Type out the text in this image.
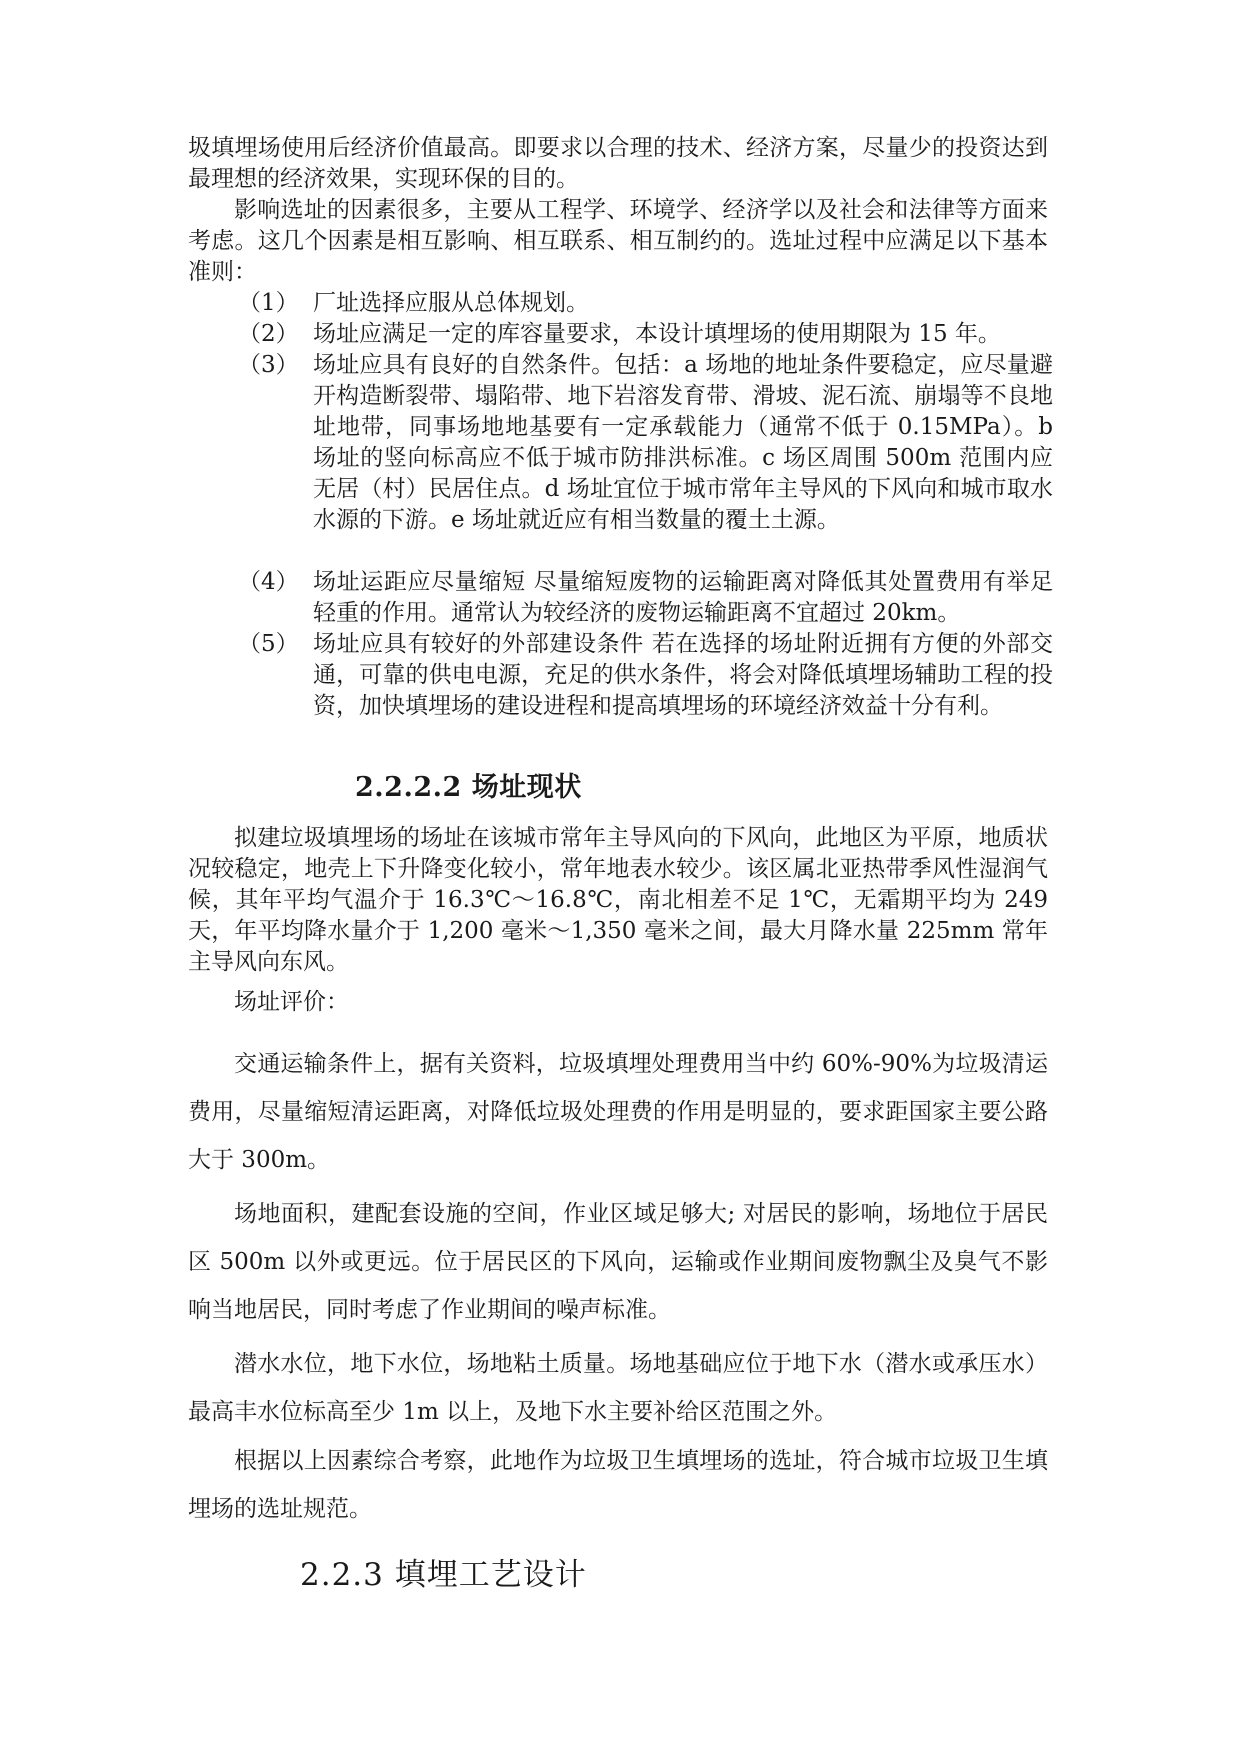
圾填埋场使用后经济价值最高。即要求以合理的技术、经济方案，尽量少的投资达到最理想的经济效果，实现环保的目的。

影响选址的因素很多，主要从工程学、环境学、经济学以及社会和法律等方面来考虑。这几个因素是相互影响、相互联系、相互制约的。选址过程中应满足以下基本准则：

（1） 厂址选择应服从总体规划。
（2） 场址应满足一定的库容量要求，本设计填埋场的使用期限为 15 年。
（3） 场址应具有良好的自然条件。包括：a 场地的地址条件要稳定，应尽量避开构造断裂带、塌陷带、地下岩溶发育带、滑坡、泥石流、崩塌等不良地址地带，同事场地地基要有一定承载能力（通常不低于 0.15MPa）。b 场址的竖向标高应不低于城市防排洪标准。c 场区周围 500m 范围内应无居（村）民居住点。d 场址宜位于城市常年主导风的下风向和城市取水水源的下游。e 场址就近应有相当数量的覆土土源。
（4） 场址运距应尽量缩短 尽量缩短废物的运输距离对降低其处置费用有举足轻重的作用。通常认为较经济的废物运输距离不宜超过 20km。
（5） 场址应具有较好的外部建设条件 若在选择的场址附近拥有方便的外部交通，可靠的供电电源，充足的供水条件，将会对降低填埋场辅助工程的投资，加快填埋场的建设进程和提高填埋场的环境经济效益十分有利。
2.2.2.2 场址现状

拟建垃圾填埋场的场址在该城市常年主导风向的下风向，此地区为平原，地质状况较稳定，地壳上下升降变化较小，常年地表水较少。该区属北亚热带季风性湿润气候，其年平均气温介于 16.3℃～16.8℃，南北相差不足 1℃，无霜期平均为 249 天，年平均降水量介于 1,200 毫米～1,350 毫米之间，最大月降水量 225mm 常年主导风向东风。

场址评价：

交通运输条件上，据有关资料，垃圾填埋处理费用当中约 60%-90%为垃圾清运费用，尽量缩短清运距离，对降低垃圾处理费的作用是明显的，要求距国家主要公路大于 300m。

场地面积，建配套设施的空间，作业区域足够大; 对居民的影响，场地位于居民区 500m 以外或更远。位于居民区的下风向，运输或作业期间废物飘尘及臭气不影响当地居民，同时考虑了作业期间的噪声标准。

潜水水位，地下水位，场地粘土质量。场地基础应位于地下水（潜水或承压水）最高丰水位标高至少 1m 以上，及地下水主要补给区范围之外。

根据以上因素综合考察，此地作为垃圾卫生填埋场的选址，符合城市垃圾卫生填埋场的选址规范。

2.2.3 填埋工艺设计
